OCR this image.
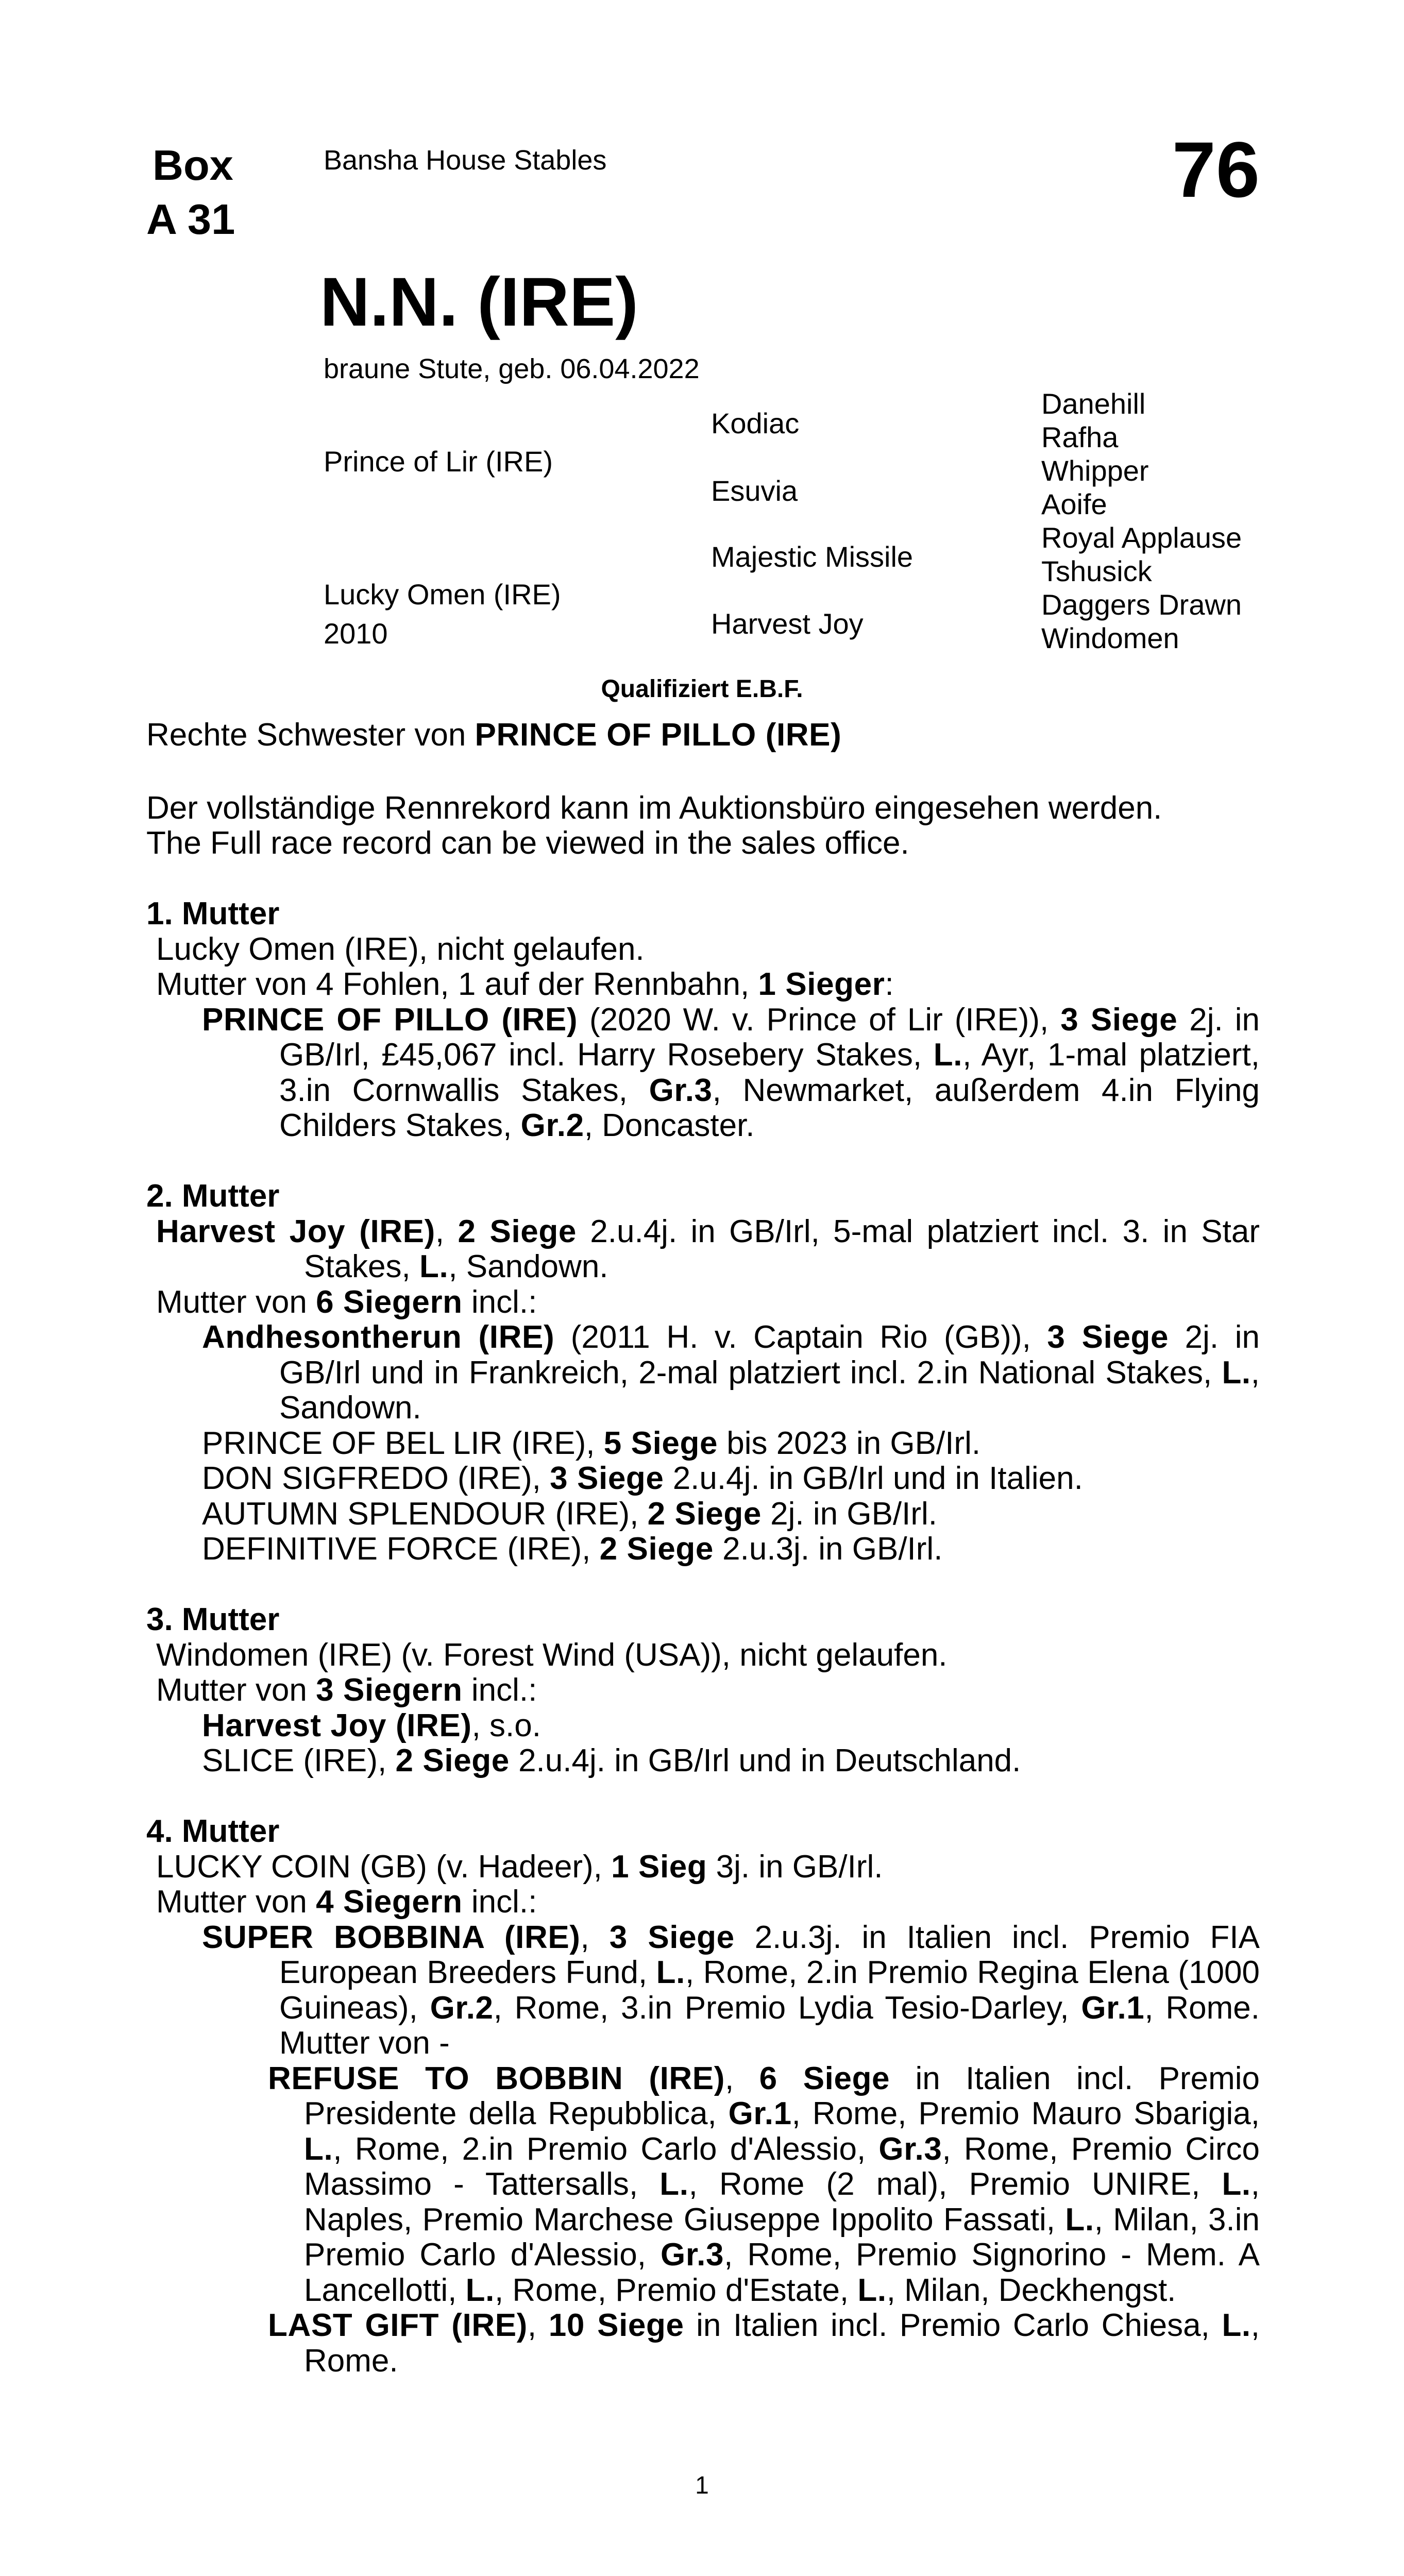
Box
A 31
Bansha House Stables	76
N.N. (IRE)
braune Stute, geb. 06.04.2022
Prince of Lir (IRE)
Lucky Omen (IRE)
2010
Kodiac
Esuvia
Majestic Missile
Harvest Joy
Danehill
Rafha
Whipper
Aoife
Royal Applause
Tshusick
Daggers Drawn
Windomen
Qualifiziert E.B.F.

Rechte Schwester von PRINCE OF PILLO (IRE)

Der vollständige Rennrekord kann im Auktionsbüro eingesehen werden.

The Full race record can be viewed in the sales office.

1. Mutter

Lucky Omen (IRE), nicht gelaufen.

Mutter von 4 Fohlen, 1 auf der Rennbahn, 1 Sieger:

PRINCE OF PILLO (IRE) (2020 W. v. Prince of Lir (IRE)), 3 Siege 2j. in GB/Irl, £45,067 incl. Harry Rosebery Stakes, L., Ayr, 1-mal platziert, 3.in Cornwallis Stakes, Gr.3, Newmarket, außerdem 4.in Flying Childers Stakes, Gr.2, Doncaster.

2. Mutter

Harvest Joy (IRE), 2 Siege 2.u.4j. in GB/Irl, 5-mal platziert incl. 3. in Star Stakes, L., Sandown.

Mutter von 6 Siegern incl.:

Andhesontherun (IRE) (2011 H. v. Captain Rio (GB)), 3 Siege 2j. in GB/Irl und in Frankreich, 2-mal platziert incl. 2.in National Stakes, L., Sandown.

PRINCE OF BEL LIR (IRE), 5 Siege bis 2023 in GB/Irl.

DON SIGFREDO (IRE), 3 Siege 2.u.4j. in GB/Irl und in Italien.

AUTUMN SPLENDOUR (IRE), 2 Siege 2j. in GB/Irl.

DEFINITIVE FORCE (IRE), 2 Siege 2.u.3j. in GB/Irl.

3. Mutter

Windomen (IRE) (v. Forest Wind (USA)), nicht gelaufen.

Mutter von 3 Siegern incl.:

Harvest Joy (IRE), s.o.

SLICE (IRE), 2 Siege 2.u.4j. in GB/Irl und in Deutschland.

4. Mutter

LUCKY COIN (GB) (v. Hadeer), 1 Sieg 3j. in GB/Irl.

Mutter von 4 Siegern incl.:

SUPER BOBBINA (IRE), 3 Siege 2.u.3j. in Italien incl. Premio FIA European Breeders Fund, L., Rome, 2.in Premio Regina Elena (1000 Guineas), Gr.2, Rome, 3.in Premio Lydia Tesio-Darley, Gr.1, Rome. Mutter von -

REFUSE TO BOBBIN (IRE), 6 Siege in Italien incl. Premio Presidente della Repubblica, Gr.1, Rome, Premio Mauro Sbarigia, L., Rome, 2.in Premio Carlo d'Alessio, Gr.3, Rome, Premio Circo Massimo - Tattersalls, L., Rome (2 mal), Premio UNIRE, L., Naples, Premio Marchese Giuseppe Ippolito Fassati, L., Milan, 3.in Premio Carlo d'Alessio, Gr.3, Rome, Premio Signorino - Mem. A Lancellotti, L., Rome, Premio d'Estate, L., Milan, Deckhengst.

LAST GIFT (IRE), 10 Siege in Italien incl. Premio Carlo Chiesa, L., Rome.

1
